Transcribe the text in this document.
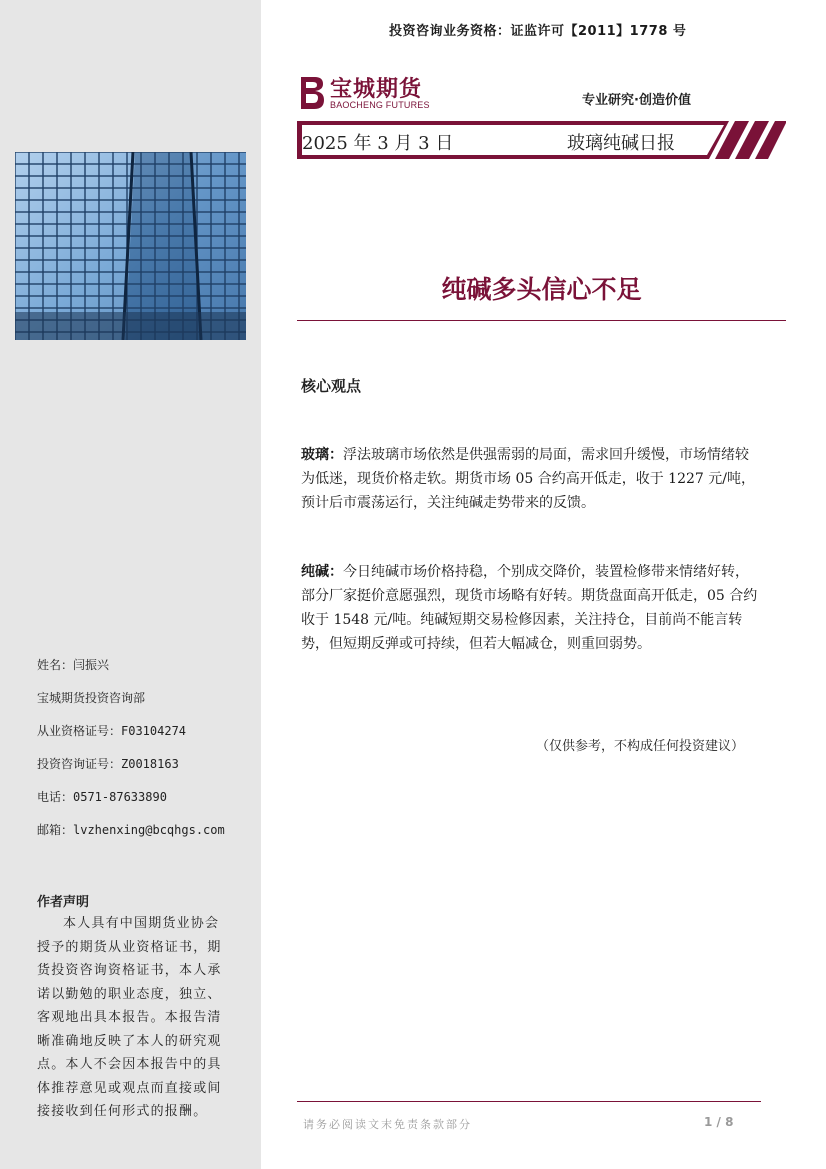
投资咨询业务资格：证监许可【2011】1778 号
宝城期货
BAOCHENG FUTURES	专业研究·创造价值
2025 年 3 月 3 日	玻璃纯碱日报
纯碱多头信心不足
核心观点
玻璃：浮法玻璃市场依然是供强需弱的局面，需求回升缓慢，市场情绪较为低迷，现货价格走软。期货市场 05 合约高开低走，收于 1227 元/吨，预计后市震荡运行，关注纯碱走势带来的反馈。
纯碱：今日纯碱市场价格持稳，个别成交降价，装置检修带来情绪好转，部分厂家挺价意愿强烈，现货市场略有好转。期货盘面高开低走，05 合约收于 1548 元/吨。纯碱短期交易检修因素，关注持仓，目前尚不能言转势，但短期反弹或可持续，但若大幅减仓，则重回弱势。
（仅供参考，不构成任何投资建议）
姓名：闫振兴
宝城期货投资咨询部
从业资格证号：F03104274
投资咨询证号：Z0018163
电话：0571-87633890
邮箱：lvzhenxing@bcqhgs.com
作者声明
本人具有中国期货业协会授予的期货从业资格证书，期货投资咨询资格证书，本人承诺以勤勉的职业态度，独立、客观地出具本报告。本报告清晰准确地反映了本人的研究观点。本人不会因本报告中的具体推荐意见或观点而直接或间接接收到任何形式的报酬。
请务必阅读文末免责条款部分	1 / 8
